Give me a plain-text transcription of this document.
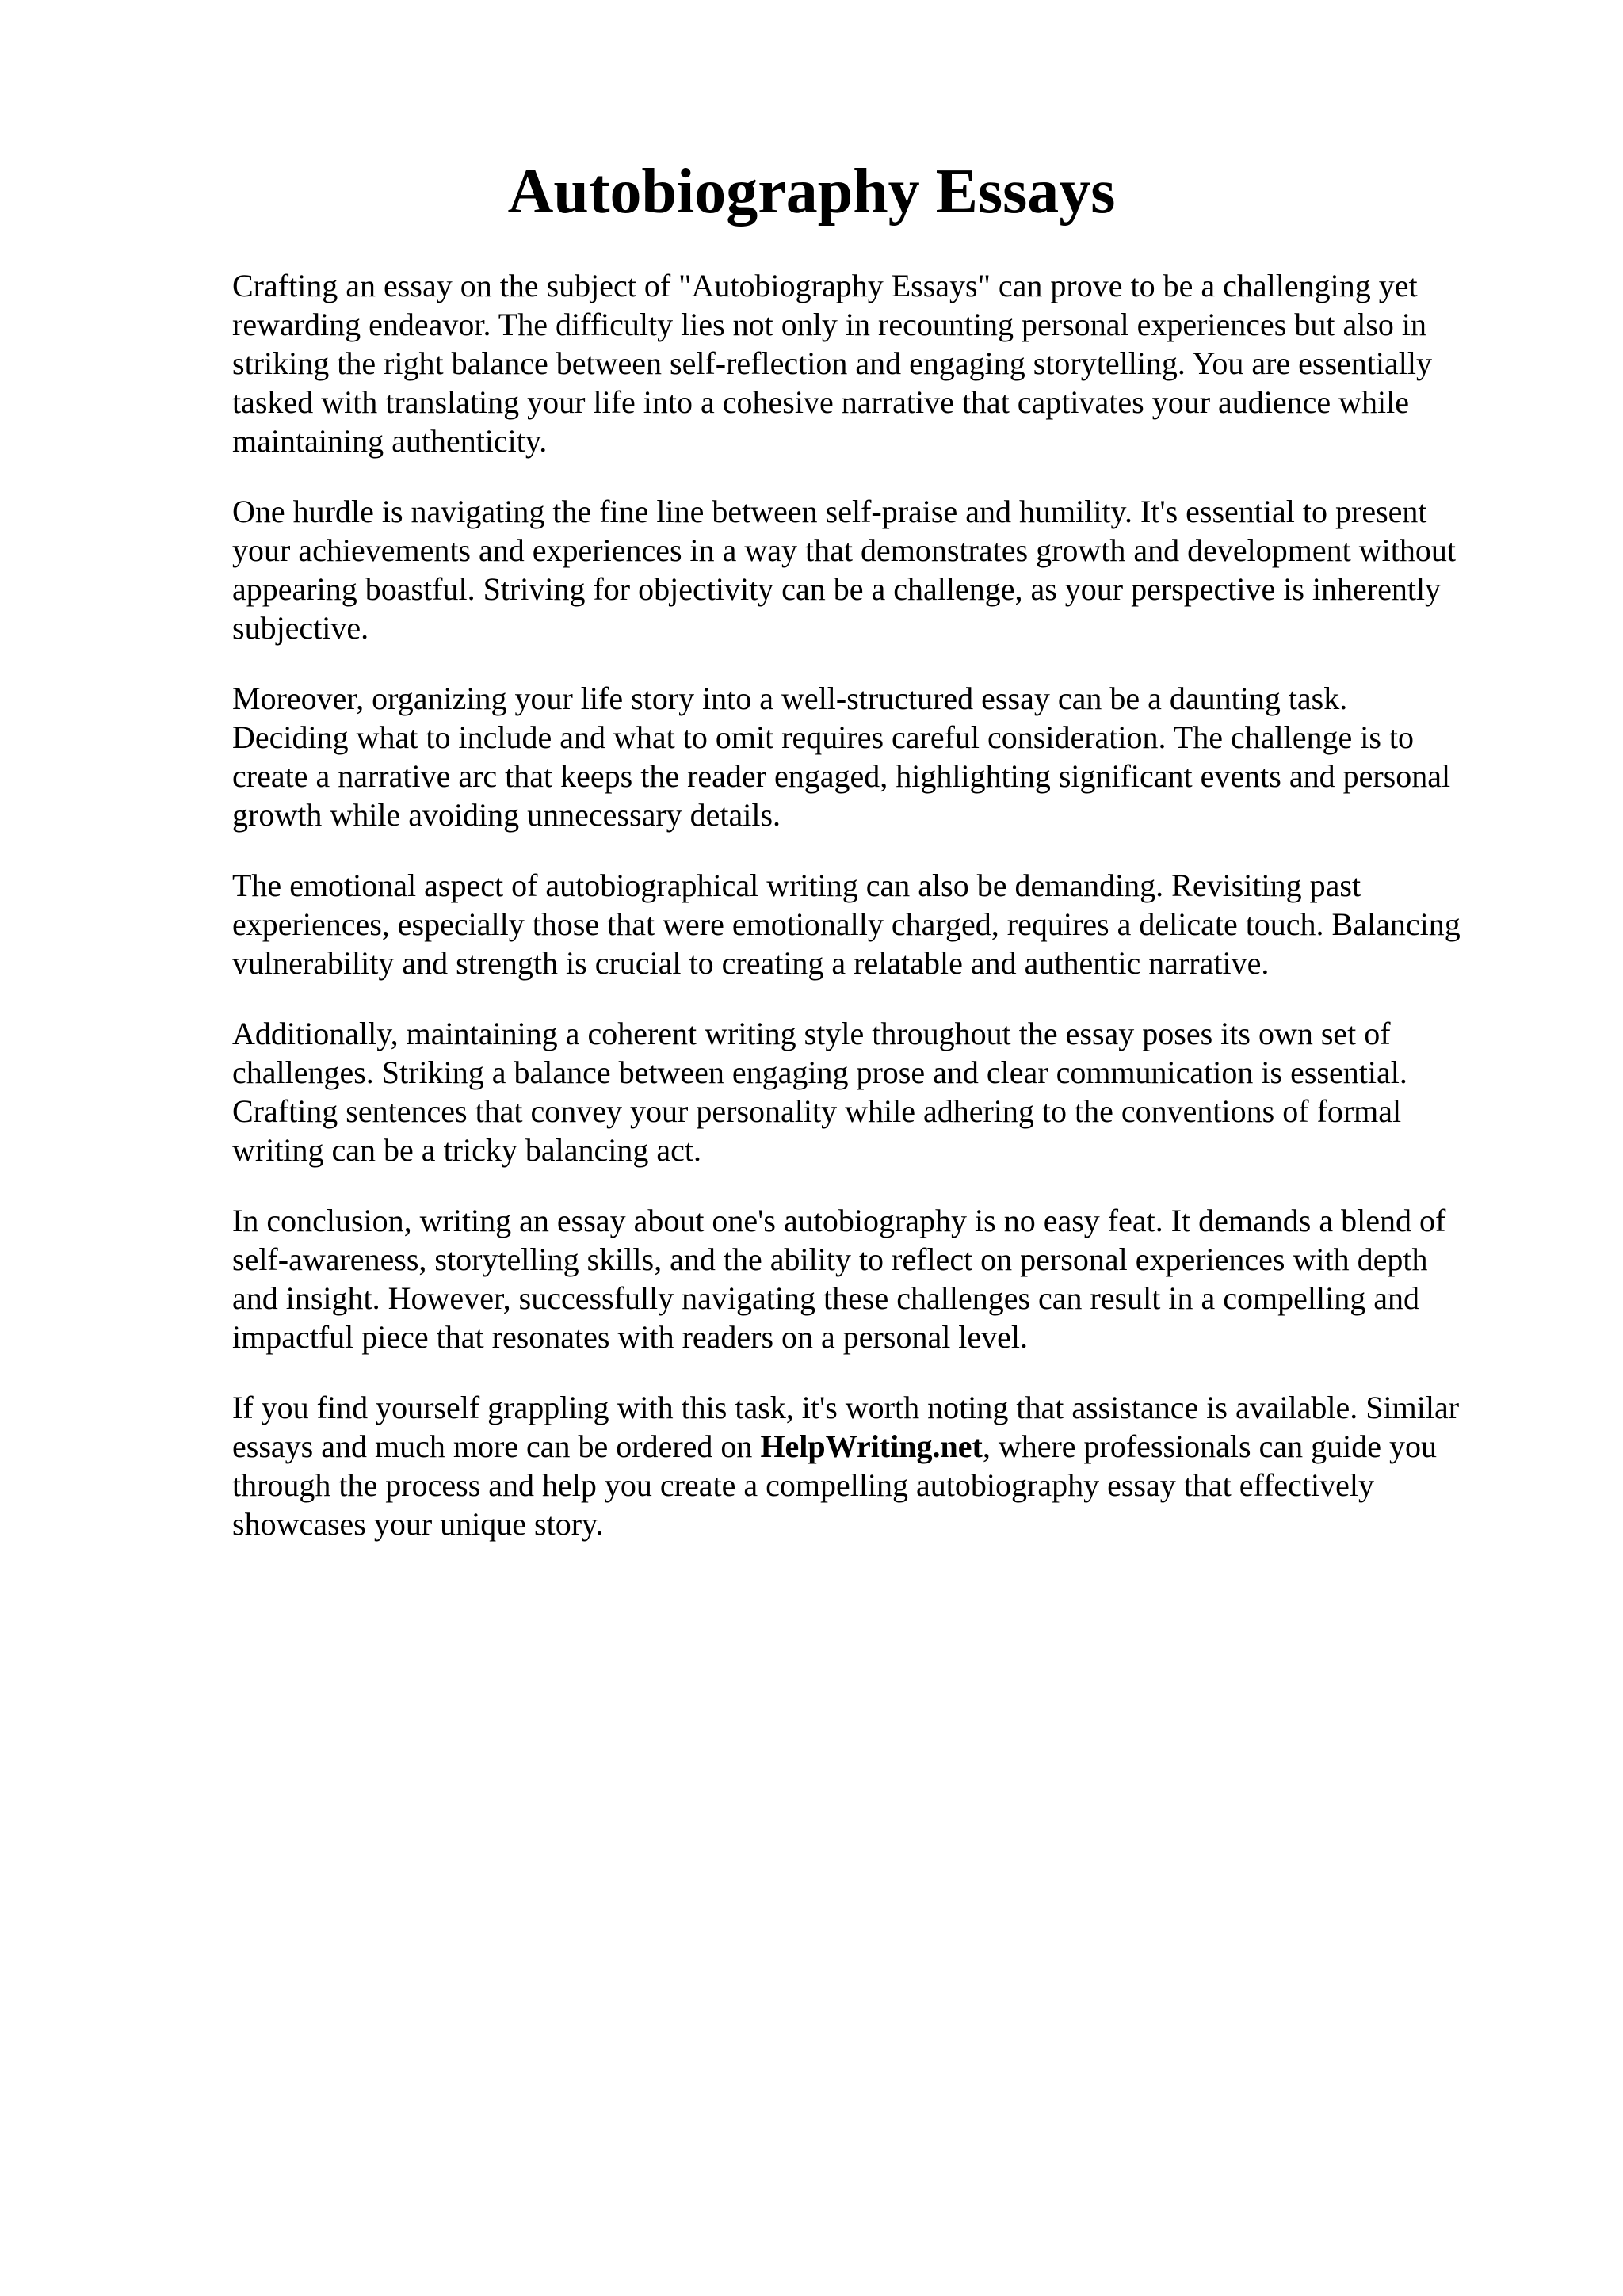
Autobiography Essays

Crafting an essay on the subject of "Autobiography Essays" can prove to be a challenging yet
rewarding endeavor. The difficulty lies not only in recounting personal experiences but also in
striking the right balance between self-reflection and engaging storytelling. You are essentially
tasked with translating your life into a cohesive narrative that captivates your audience while
maintaining authenticity.

One hurdle is navigating the fine line between self-praise and humility. It's essential to present
your achievements and experiences in a way that demonstrates growth and development without
appearing boastful. Striving for objectivity can be a challenge, as your perspective is inherently
subjective.

Moreover, organizing your life story into a well-structured essay can be a daunting task.
Deciding what to include and what to omit requires careful consideration. The challenge is to
create a narrative arc that keeps the reader engaged, highlighting significant events and personal
growth while avoiding unnecessary details.

The emotional aspect of autobiographical writing can also be demanding. Revisiting past
experiences, especially those that were emotionally charged, requires a delicate touch. Balancing
vulnerability and strength is crucial to creating a relatable and authentic narrative.

Additionally, maintaining a coherent writing style throughout the essay poses its own set of
challenges. Striking a balance between engaging prose and clear communication is essential.
Crafting sentences that convey your personality while adhering to the conventions of formal
writing can be a tricky balancing act.

In conclusion, writing an essay about one's autobiography is no easy feat. It demands a blend of
self-awareness, storytelling skills, and the ability to reflect on personal experiences with depth
and insight. However, successfully navigating these challenges can result in a compelling and
impactful piece that resonates with readers on a personal level.

If you find yourself grappling with this task, it's worth noting that assistance is available. Similar
essays and much more can be ordered on HelpWriting.net, where professionals can guide you
through the process and help you create a compelling autobiography essay that effectively
showcases your unique story.
